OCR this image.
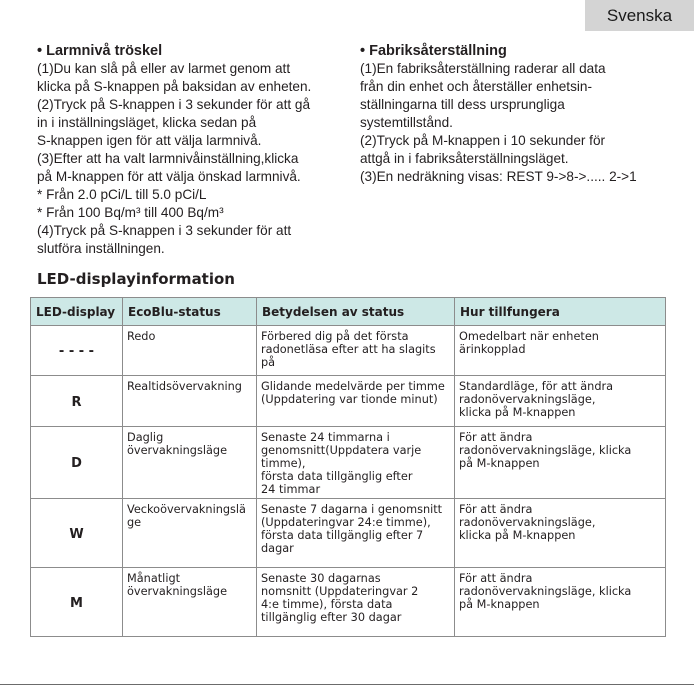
Svenska

• Larmnivå tröskel

(1)Du kan slå på eller av larmet genom att
klicka på S-knappen på baksidan av enheten.
(2)Tryck på S-knappen i 3 sekunder för att gå
in i inställningsläget, klicka sedan på
S-knappen igen för att välja larmnivå.
(3)Efter att ha valt larmnivåinställning,klicka
på M-knappen för att välja önskad larmnivå.
* Från 2.0 pCi/L till 5.0 pCi/L
* Från 100 Bq/m³ till 400 Bq/m³
(4)Tryck på S-knappen i 3 sekunder för att
slutföra inställningen.

• Fabriksåterställning

(1)En fabriksåterställning raderar all data
från din enhet och återställer enhetsin-
ställningarna till dess ursprungliga
systemtillstånd.
(2)Tryck på M-knappen i 10 sekunder för
attgå in i fabriksåterställningsläget.
(3)En nedräkning visas: REST 9->8->..... 2->1

LED-displayinformation
LED-display	EcoBlu-status	Betydelsen av status	Hur tillfungera
- - - -	Redo	Förbered dig på det första
radonetläsa efter att ha slagits
på	Omedelbart när enheten
ärinkopplad
R	Realtidsövervakning	Glidande medelvärde per timme
(Uppdatering var tionde minut)	Standardläge, för att ändra
radonövervakningsläge,
klicka på M-knappen
D	Daglig
övervakningsläge	Senaste 24 timmarna i
genomsnitt(Uppdatera varje
timme),
första data tillgänglig efter
24 timmar	För att ändra
radonövervakningsläge, klicka
på M-knappen
W	Veckoövervakningslä
ge	Senaste 7 dagarna i genomsnitt
(Uppdateringvar 24:e timme),
första data tillgänglig efter 7
dagar	För att ändra
radonövervakningsläge,
klicka på M-knappen
M	Månatligt
övervakningsläge	Senaste 30 dagarnas
nomsnitt (Uppdateringvar 2
4:e timme), första data
tillgänglig efter 30 dagar	För att ändra
radonövervakningsläge, klicka
på M-knappen
